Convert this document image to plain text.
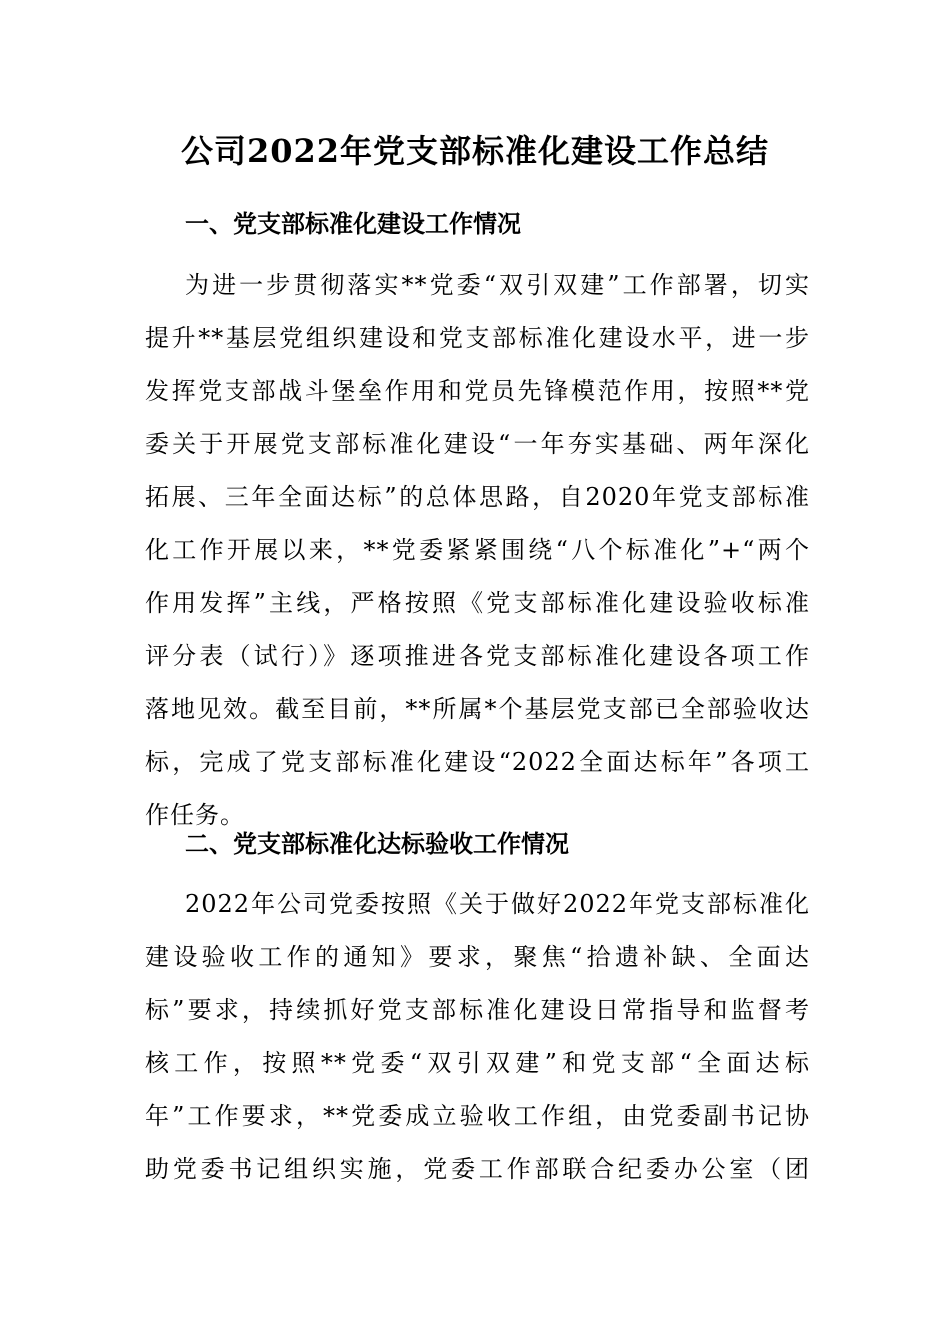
公司2022年党支部标准化建设工作总结
一、党支部标准化建设工作情况
为进一步贯彻落实**党委“双引双建”工作部署，切实
提升**基层党组织建设和党支部标准化建设水平，进一步
发挥党支部战斗堡垒作用和党员先锋模范作用，按照**党
委关于开展党支部标准化建设“一年夯实基础、两年深化
拓展、三年全面达标”的总体思路，自2020年党支部标准
化工作开展以来，**党委紧紧围绕“八个标准化”+“两个
作用发挥”主线，严格按照《党支部标准化建设验收标准
评分表（试行）》逐项推进各党支部标准化建设各项工作
落地见效。截至目前，**所属*个基层党支部已全部验收达
标，完成了党支部标准化建设“2022全面达标年”各项工
作任务。
二、党支部标准化达标验收工作情况
2022年公司党委按照《关于做好2022年党支部标准化
建设验收工作的通知》要求，聚焦“拾遗补缺、全面达
标”要求，持续抓好党支部标准化建设日常指导和监督考
核工作，按照**党委“双引双建”和党支部“全面达标
年”工作要求，**党委成立验收工作组，由党委副书记协
助党委书记组织实施，党委工作部联合纪委办公室（团
